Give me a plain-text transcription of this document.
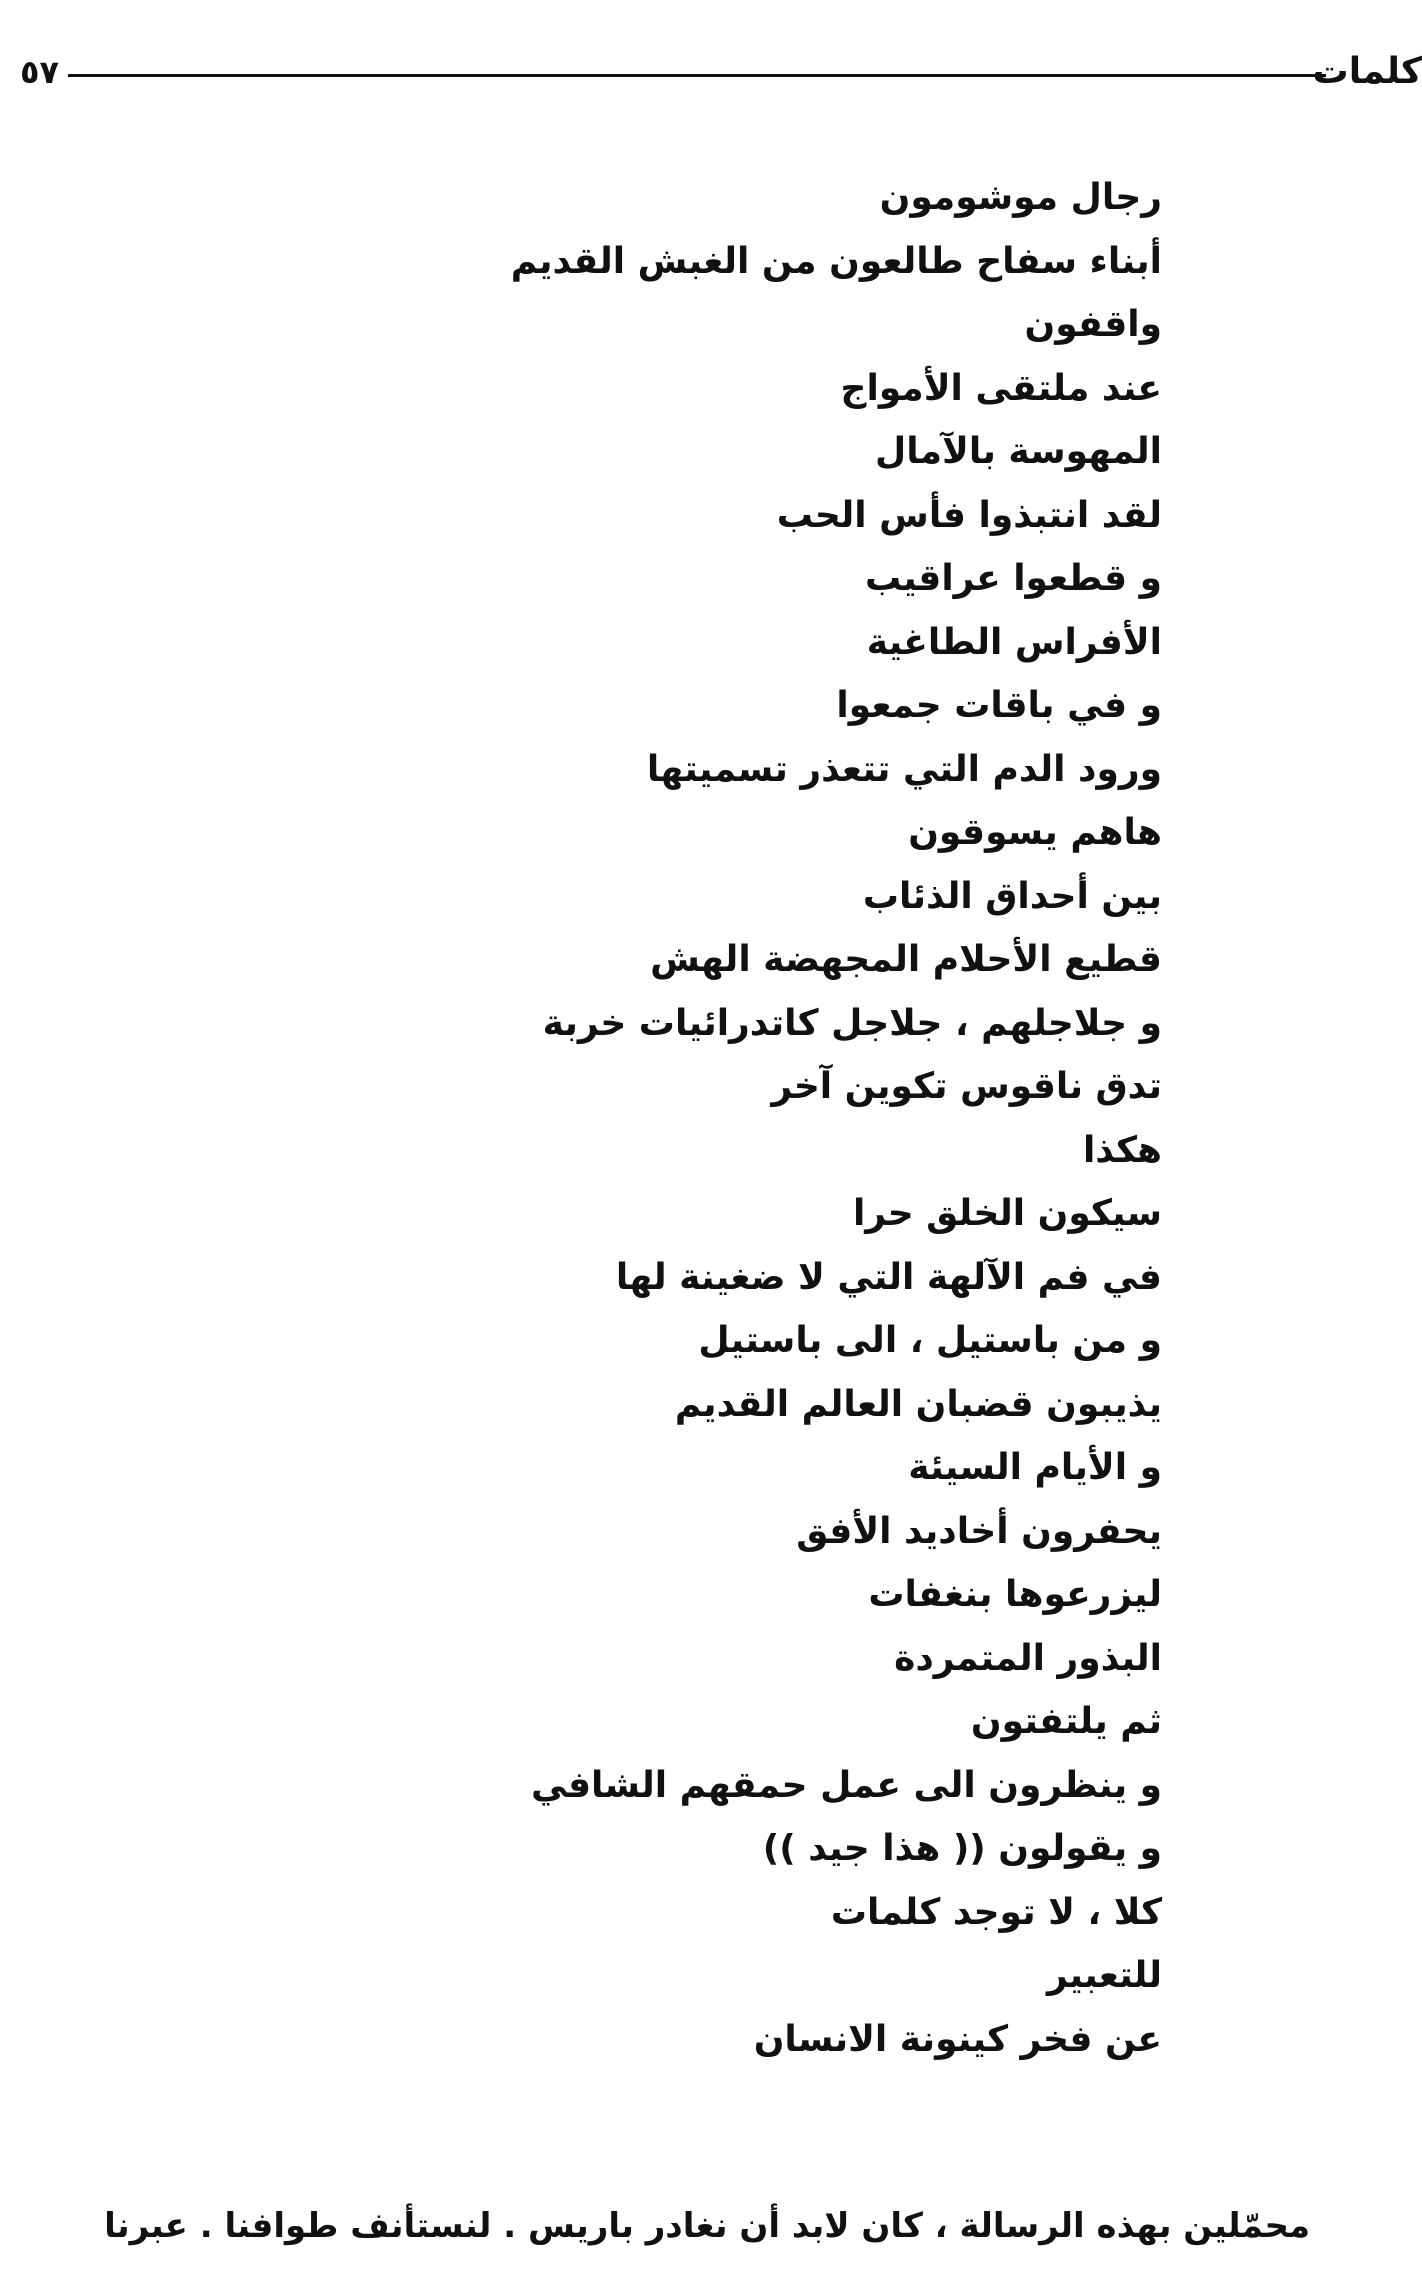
٥٧	كلمات
رجال موشومون
أبناء سفاح طالعون من الغبش القديم
واقفون
عند ملتقى الأمواج
المهوسة بالآمال
لقد انتبذوا فأس الحب
و قطعوا عراقيب
الأفراس الطاغية
و في باقات جمعوا
ورود الدم التي تتعذر تسميتها
هاهم يسوقون
بين أحداق الذئاب
قطيع الأحلام المجهضة الهش
و جلاجلهم ، جلاجل كاتدرائيات خربة
تدق ناقوس تكوين آخر
هكذا
سيكون الخلق حرا
في فم الآلهة التي لا ضغينة لها
و من باستيل ، الى باستيل
يذيبون قضبان العالم القديم
و الأيام السيئة
يحفرون أخاديد الأفق
ليزرعوها بنغفات
البذور المتمردة
ثم يلتفتون
و ينظرون الى عمل حمقهم الشافي
و يقولون (( هذا جيد ))
كلا ، لا توجد كلمات
للتعبير
عن فخر كينونة الانسان

محمّلين بهذه الرسالة ، كان لابد أن نغادر باريس . لنستأنف طوافنا . عبرنا
